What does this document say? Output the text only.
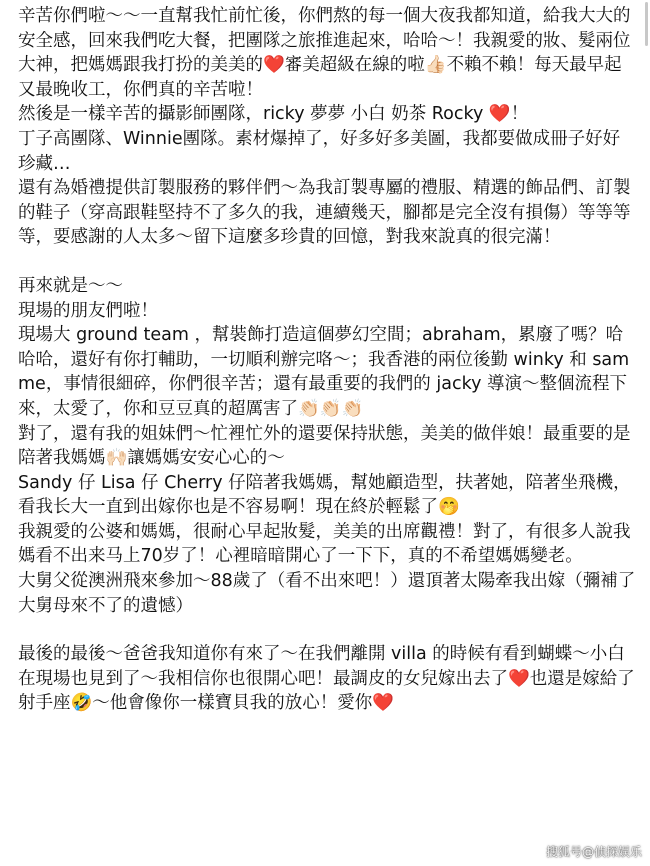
辛苦你們啦～～一直幫我忙前忙後，你們熬的每一個大夜我都知道，給我大大的安全感，回來我們吃大餐，把團隊之旅推進起來，哈哈～！我親愛的妝、髮兩位大神，把媽媽跟我打扮的美美的❤️審美超級在線的啦👍🏻不賴不賴！每天最早起又最晚收工，你們真的辛苦啦！
然後是一樣辛苦的攝影師團隊，ricky 夢夢 小白 奶茶 Rocky ❤️！
丁子高團隊、Winnie團隊。素材爆掉了，好多好多美圖，我都要做成冊子好好珍藏…
還有為婚禮提供訂製服務的夥伴們～為我訂製專屬的禮服、精選的飾品們、訂製的鞋子（穿高跟鞋堅持不了多久的我，連續幾天，腳都是完全沒有損傷）等等等等，要感謝的人太多～留下這麼多珍貴的回憶，對我來說真的很完滿！
再來就是～～
現場的朋友們啦！
現場大 ground team ，幫裝飾打造這個夢幻空間；abraham，累廢了嗎？哈哈哈，還好有你打輔助，一切順利辦完咯～；我香港的兩位後勤 winky 和 samme，事情很細碎，你們很辛苦；還有最重要的我們的 jacky 導演～整個流程下來，太愛了，你和豆豆真的超厲害了👏🏻👏🏻👏🏻
對了，還有我的姐妹們～忙裡忙外的還要保持狀態，美美的做伴娘！最重要的是陪著我媽媽🙌🏻讓媽媽安安心心的～
Sandy 仔 Lisa 仔 Cherry 仔陪著我媽媽，幫她顧造型，扶著她，陪著坐飛機，看我长大一直到出嫁你也是不容易啊！現在終於輕鬆了🤭
我親愛的公婆和媽媽，很耐心早起妝髮，美美的出席觀禮！對了，有很多人說我媽看不出来马上70岁了！心裡暗暗開心了一下下，真的不希望媽媽變老。
大舅父從澳洲飛來參加～88歲了（看不出來吧！）還頂著太陽牽我出嫁（彌補了大舅母來不了的遺憾）
最後的最後～爸爸我知道你有來了～在我們離開 villa 的時候有看到蝴蝶～小白在現場也見到了～我相信你也很開心吧！最調皮的女兒嫁出去了❤️也還是嫁給了射手座🤣～他會像你一樣寶貝我的放心！愛你❤️
搜狐号@侦探娱乐
